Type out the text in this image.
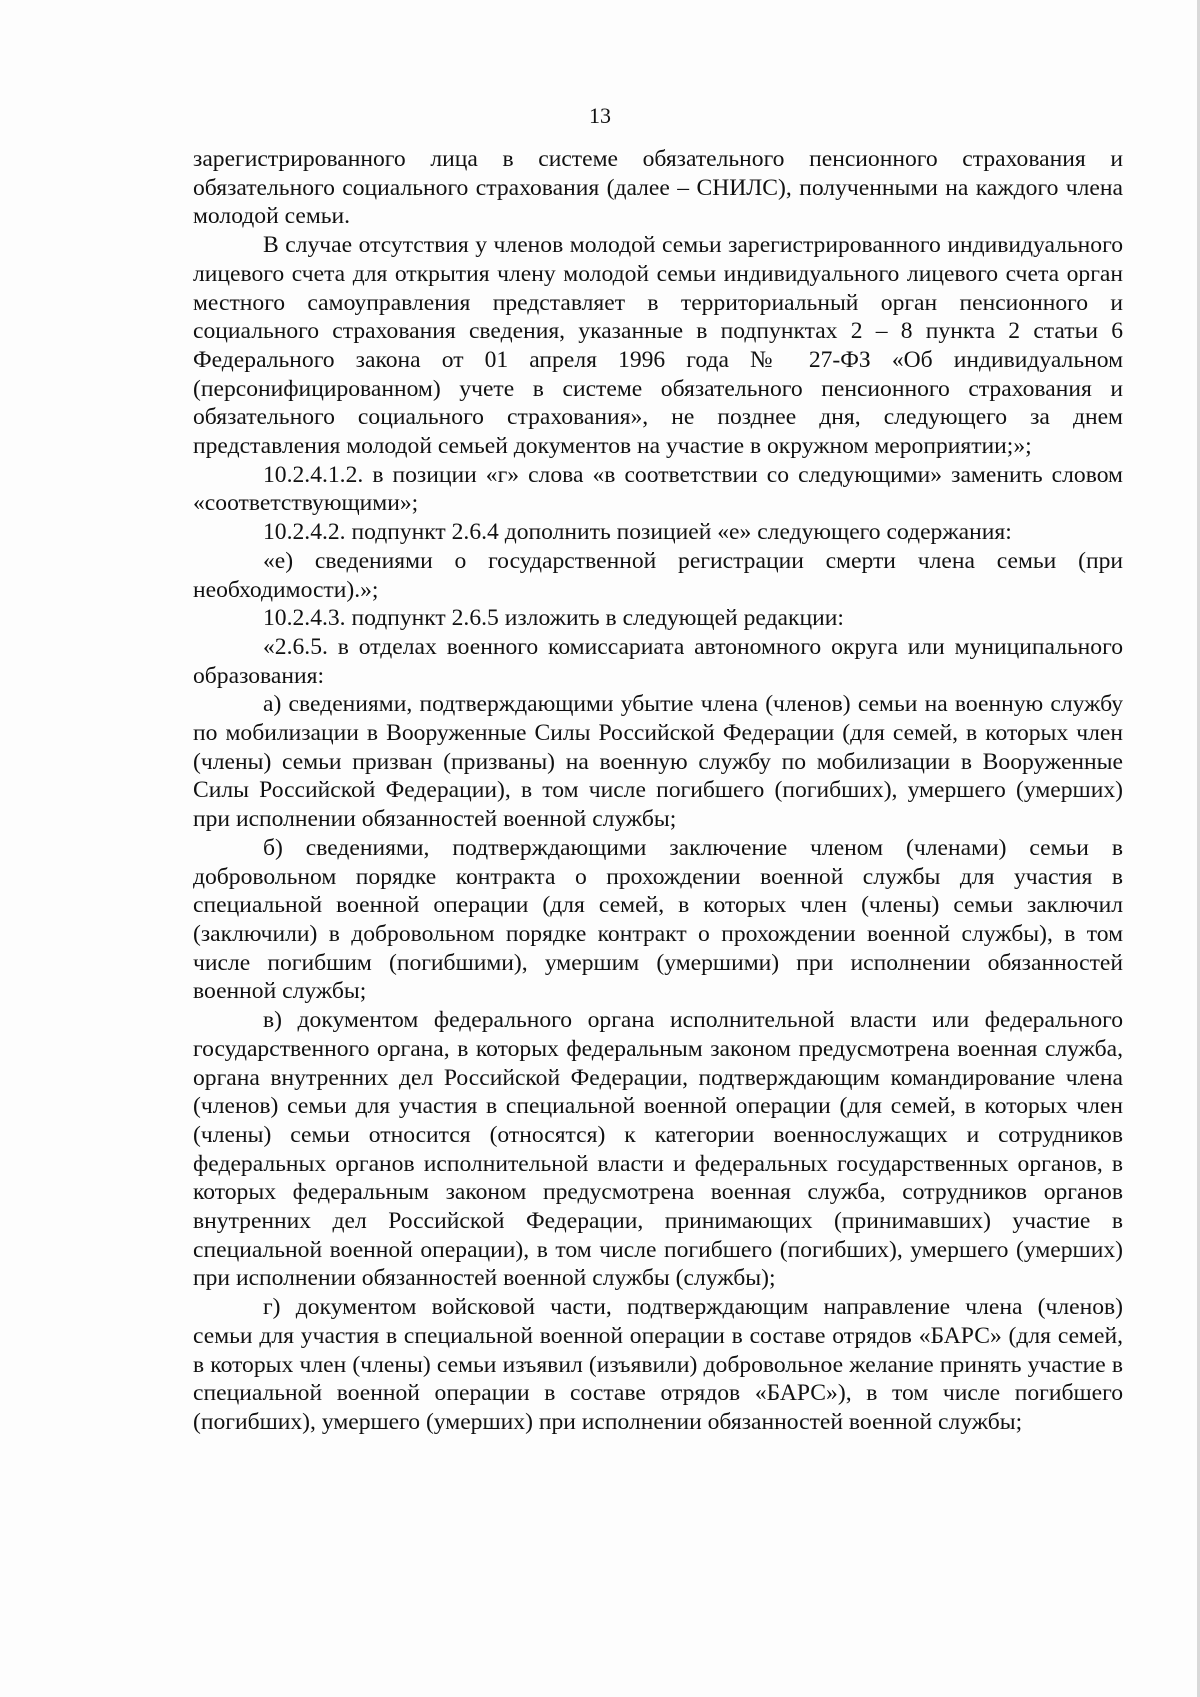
13

зарегистрированного лица в системе обязательного пенсионного страхования и обязательного социального страхования (далее – СНИЛС), полученными на каждого члена молодой семьи.

В случае отсутствия у членов молодой семьи зарегистрированного индивидуального лицевого счета для открытия члену молодой семьи индивидуального лицевого счета орган местного самоуправления представляет в территориальный орган пенсионного и социального страхования сведения, указанные в подпунктах 2 – 8 пункта 2 статьи 6 Федерального закона от 01 апреля 1996 года № 27-ФЗ «Об индивидуальном (персонифицированном) учете в системе обязательного пенсионного страхования и обязательного социального страхования», не позднее дня, следующего за днем представления молодой семьей документов на участие в окружном мероприятии;»;

10.2.4.1.2. в позиции «г» слова «в соответствии со следующими» заменить словом «соответствующими»;

10.2.4.2. подпункт 2.6.4 дополнить позицией «е» следующего содержания:

«е) сведениями о государственной регистрации смерти члена семьи (при необходимости).»;

10.2.4.3. подпункт 2.6.5 изложить в следующей редакции:

«2.6.5. в отделах военного комиссариата автономного округа или муниципального образования:

а) сведениями, подтверждающими убытие члена (членов) семьи на военную службу по мобилизации в Вооруженные Силы Российской Федерации (для семей, в которых член (члены) семьи призван (призваны) на военную службу по мобилизации в Вооруженные Силы Российской Федерации), в том числе погибшего (погибших), умершего (умерших) при исполнении обязанностей военной службы;

б) сведениями, подтверждающими заключение членом (членами) семьи в добровольном порядке контракта о прохождении военной службы для участия в специальной военной операции (для семей, в которых член (члены) семьи заключил (заключили) в добровольном порядке контракт о прохождении военной службы), в том числе погибшим (погибшими), умершим (умершими) при исполнении обязанностей военной службы;

в) документом федерального органа исполнительной власти или федерального государственного органа, в которых федеральным законом предусмотрена военная служба, органа внутренних дел Российской Федерации, подтверждающим командирование члена (членов) семьи для участия в специальной военной операции (для семей, в которых член (члены) семьи относится (относятся) к категории военнослужащих и сотрудников федеральных органов исполнительной власти и федеральных государственных органов, в которых федеральным законом предусмотрена военная служба, сотрудников органов внутренних дел Российской Федерации, принимающих (принимавших) участие в специальной военной операции), в том числе погибшего (погибших), умершего (умерших) при исполнении обязанностей военной службы (службы);

г) документом войсковой части, подтверждающим направление члена (членов) семьи для участия в специальной военной операции в составе отрядов «БАРС» (для семей, в которых член (члены) семьи изъявил (изъявили) добровольное желание принять участие в специальной военной операции в составе отрядов «БАРС»), в том числе погибшего (погибших), умершего (умерших) при исполнении обязанностей военной службы;
